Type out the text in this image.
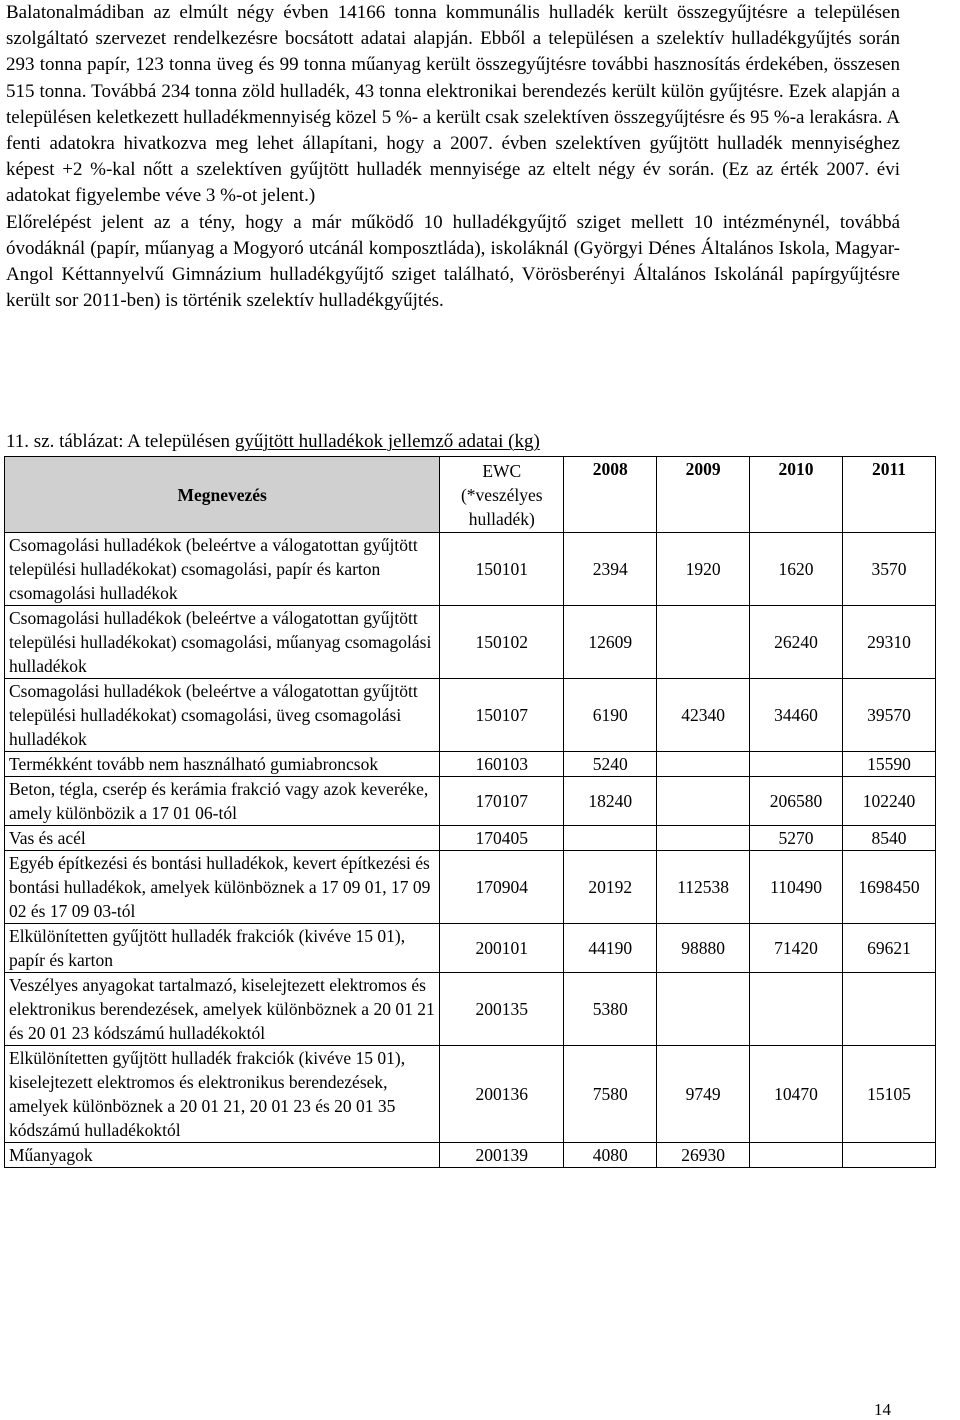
Balatonalmádiban az elmúlt négy évben 14166 tonna kommunális hulladék került összegyűjtésre a településen szolgáltató szervezet rendelkezésre bocsátott adatai alapján. Ebből a településen a szelektív hulladékgyűjtés során 293 tonna papír, 123 tonna üveg és 99 tonna műanyag került összegyűjtésre további hasznosítás érdekében, összesen 515 tonna. Továbbá 234 tonna zöld hulladék, 43 tonna elektronikai berendezés került külön gyűjtésre. Ezek alapján a településen keletkezett hulladékmennyiség közel 5 %- a került csak szelektíven összegyűjtésre és 95 %-a lerakásra. A fenti adatokra hivatkozva meg lehet állapítani, hogy a 2007. évben szelektíven gyűjtött hulladék mennyiséghez képest +2 %-kal nőtt a szelektíven gyűjtött hulladék mennyisége az eltelt négy év során. (Ez az érték 2007. évi adatokat figyelembe véve 3 %-ot jelent.)

Előrelépést jelent az a tény, hogy a már működő 10 hulladékgyűjtő sziget mellett 10 intézménynél, továbbá óvodáknál (papír, műanyag a Mogyoró utcánál komposztláda), iskoláknál (Györgyi Dénes Általános Iskola, Magyar-Angol Kéttannyelvű Gimnázium hulladékgyűjtő sziget található, Vörösberényi Általános Iskolánál papírgyűjtésre került sor 2011-ben) is történik szelektív hulladékgyűjtés.

11. sz. táblázat: A településen gyűjtött hulladékok jellemző adatai (kg)
Megnevezés	EWC (*veszélyes hulladék)	2008	2009	2010	2011
Csomagolási hulladékok (beleértve a válogatottan gyűjtött települési hulladékokat) csomagolási, papír és karton csomagolási hulladékok	150101	2394	1920	1620	3570
Csomagolási hulladékok (beleértve a válogatottan gyűjtött települési hulladékokat) csomagolási, műanyag csomagolási hulladékok	150102	12609		26240	29310
Csomagolási hulladékok (beleértve a válogatottan gyűjtött települési hulladékokat) csomagolási, üveg csomagolási hulladékok	150107	6190	42340	34460	39570
Termékként tovább nem használható gumiabroncsok	160103	5240			15590
Beton, tégla, cserép és kerámia frakció vagy azok keveréke, amely különbözik a 17 01 06-tól	170107	18240		206580	102240
Vas és acél	170405			5270	8540
Egyéb építkezési és bontási hulladékok, kevert építkezési és bontási hulladékok, amelyek különböznek a 17 09 01, 17 09 02 és 17 09 03-tól	170904	20192	112538	110490	1698450
Elkülönítetten gyűjtött hulladék frakciók (kivéve 15 01), papír és karton	200101	44190	98880	71420	69621
Veszélyes anyagokat tartalmazó, kiselejtezett elektromos és elektronikus berendezések, amelyek különböznek a 20 01 21 és 20 01 23 kódszámú hulladékoktól	200135	5380			
Elkülönítetten gyűjtött hulladék frakciók (kivéve 15 01), kiselejtezett elektromos és elektronikus berendezések, amelyek különböznek a 20 01 21, 20 01 23 és 20 01 35 kódszámú hulladékoktól	200136	7580	9749	10470	15105
Műanyagok	200139	4080	26930		
14
